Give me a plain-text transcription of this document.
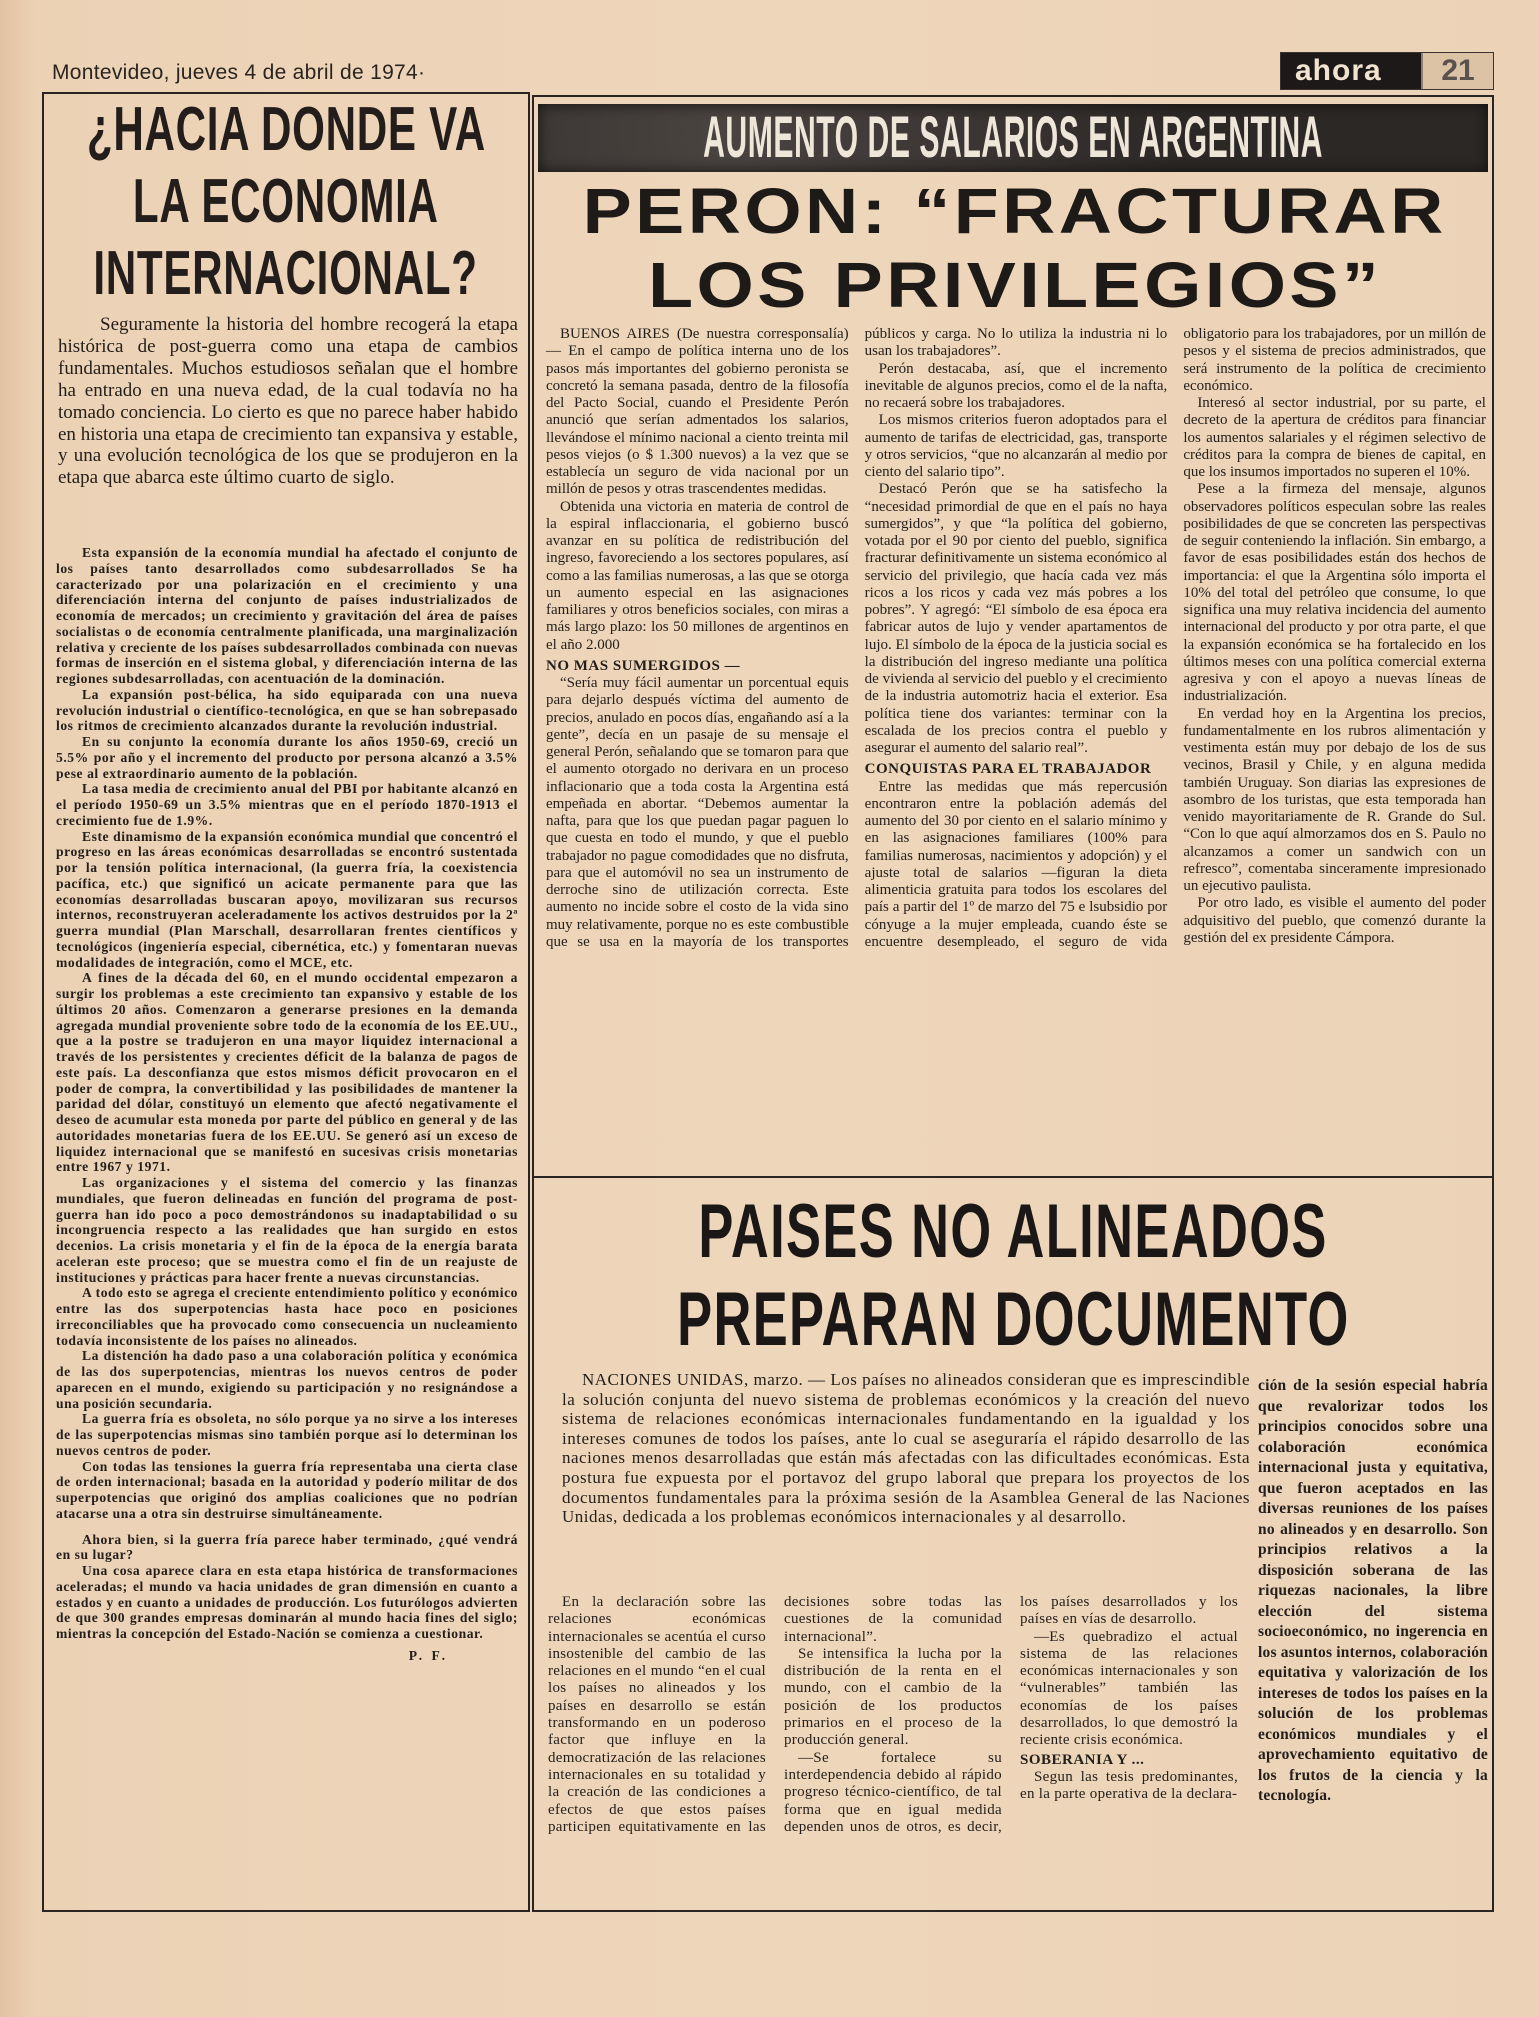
Montevideo, jueves 4 de abril de 1974·	ahora	21
¿HACIA DONDE VA
LA ECONOMIA
INTERNACIONAL?

Seguramente la historia del hombre recogerá la etapa histórica de post-guerra como una etapa de cambios fundamentales. Muchos estudiosos señalan que el hombre ha entrado en una nueva edad, de la cual todavía no ha tomado conciencia. Lo cierto es que no parece haber habido en historia una etapa de crecimiento tan expansiva y estable, y una evolución tecnológica de los que se produjeron en la etapa que abarca este último cuarto de siglo.

Esta expansión de la economía mundial ha afectado el conjunto de los países tanto desarrollados como subdesarrollados Se ha caracterizado por una polarización en el crecimiento y una diferenciación interna del conjunto de países industrializados de economía de mercados; un crecimiento y gravitación del área de países socialistas o de economía centralmente planificada, una marginalización relativa y creciente de los países subdesarrollados combinada con nuevas formas de inserción en el sistema global, y diferenciación interna de las regiones subdesarrolladas, con acentuación de la dominación.

La expansión post-bélica, ha sido equiparada con una nueva revolución industrial o científico-tecnológica, en que se han sobrepasado los ritmos de crecimiento alcanzados durante la revolución industrial.

En su conjunto la economía durante los años 1950-69, creció un 5.5% por año y el incremento del producto por persona alcanzó a 3.5% pese al extraordinario aumento de la población.

La tasa media de crecimiento anual del PBI por habitante alcanzó en el período 1950-69 un 3.5% mientras que en el período 1870-1913 el crecimiento fue de 1.9%.

Este dinamismo de la expansión económica mundial que concentró el progreso en las áreas económicas desarrolladas se encontró sustentada por la tensión política internacional, (la guerra fría, la coexistencia pacífica, etc.) que significó un acicate permanente para que las economías desarrolladas buscaran apoyo, movilizaran sus recursos internos, reconstruyeran aceleradamente los activos destruidos por la 2ª guerra mundial (Plan Marschall, desarrollaran frentes científicos y tecnológicos (ingeniería especial, cibernética, etc.) y fomentaran nuevas modalidades de integración, como el MCE, etc.

A fines de la década del 60, en el mundo occidental empezaron a surgir los problemas a este crecimiento tan expansivo y estable de los últimos 20 años. Comenzaron a generarse presiones en la demanda agregada mundial proveniente sobre todo de la economía de los EE.UU., que a la postre se tradujeron en una mayor liquidez internacional a través de los persistentes y crecientes déficit de la balanza de pagos de este país. La desconfianza que estos mismos déficit provocaron en el poder de compra, la convertibilidad y las posibilidades de mantener la paridad del dólar, constituyó un elemento que afectó negativamente el deseo de acumular esta moneda por parte del público en general y de las autoridades monetarias fuera de los EE.UU. Se generó así un exceso de liquidez internacional que se manifestó en sucesivas crisis monetarias entre 1967 y 1971.

Las organizaciones y el sistema del comercio y las finanzas mundiales, que fueron delineadas en función del programa de post-guerra han ido poco a poco demostrándonos su inadaptabilidad o su incongruencia respecto a las realidades que han surgido en estos decenios. La crisis monetaria y el fin de la época de la energía barata aceleran este proceso; que se muestra como el fin de un reajuste de instituciones y prácticas para hacer frente a nuevas circunstancias.

A todo esto se agrega el creciente entendimiento político y económico entre las dos superpotencias hasta hace poco en posiciones irreconciliables que ha provocado como consecuencia un nucleamiento todavía inconsistente de los países no alineados.

La distención ha dado paso a una colaboración política y económica de las dos superpotencias, mientras los nuevos centros de poder aparecen en el mundo, exigiendo su participación y no resignándose a una posición secundaria.

La guerra fría es obsoleta, no sólo porque ya no sirve a los intereses de las superpotencias mismas sino también porque así lo determinan los nuevos centros de poder.

Con todas las tensiones la guerra fría representaba una cierta clase de orden internacional; basada en la autoridad y poderío militar de dos superpotencias que originó dos amplias coaliciones que no podrían atacarse una a otra sin destruirse simultáneamente.

Ahora bien, si la guerra fría parece haber terminado, ¿qué vendrá en su lugar?

Una cosa aparece clara en esta etapa histórica de transformaciones aceleradas; el mundo va hacia unidades de gran dimensión en cuanto a estados y en cuanto a unidades de producción. Los futurólogos advierten de que 300 grandes empresas dominarán al mundo hacia fines del siglo; mientras la concepción del Estado-Nación se comienza a cuestionar.

P. F.

AUMENTO DE SALARIOS EN ARGENTINA
PERON: “FRACTURAR
LOS PRIVILEGIOS”

BUENOS AIRES (De nuestra corresponsalía) — En el campo de política interna uno de los pasos más importantes del gobierno peronista se concretó la semana pasada, dentro de la filosofía del Pacto Social, cuando el Presidente Perón anunció que serían admentados los salarios, llevándose el mínimo nacional a ciento treinta mil pesos viejos (o $ 1.300 nuevos) a la vez que se establecía un seguro de vida nacional por un millón de pesos y otras trascendentes medidas.

Obtenida una victoria en materia de control de la espiral inflaccionaria, el gobierno buscó avanzar en su política de redistribución del ingreso, favoreciendo a los sectores populares, así como a las familias numerosas, a las que se otorga un aumento especial en las asignaciones familiares y otros beneficios sociales, con miras a más largo plazo: los 50 millones de argentinos en el año 2.000

NO MAS SUMERGIDOS —

“Sería muy fácil aumentar un porcentual equis para dejarlo después víctima del aumento de precios, anulado en pocos días, engañando así a la gente”, decía en un pasaje de su mensaje el general Perón, señalando que se tomaron para que el aumento otorgado no derivara en un proceso inflacionario que a toda costa la Argentina está empeñada en abortar. “Debemos aumentar la nafta, para que los que puedan pagar paguen lo que cuesta en todo el mundo, y que el pueblo trabajador no pague comodidades que no disfruta, para que el automóvil no sea un instrumento de derroche sino de utilización correcta. Este aumento no incide sobre el costo de la vida sino muy relativamente, porque no es este combustible que se usa en la mayoría de los transportes públicos y carga. No lo utiliza la industria ni lo usan los trabajadores”.

Perón destacaba, así, que el incremento inevitable de algunos precios, como el de la nafta, no recaerá sobre los trabajadores.

Los mismos criterios fueron adoptados para el aumento de tarifas de electricidad, gas, transporte y otros servicios, “que no alcanzarán al medio por ciento del salario tipo”.

Destacó Perón que se ha satisfecho la “necesidad primordial de que en el país no haya sumergidos”, y que “la política del gobierno, votada por el 90 por ciento del pueblo, significa fracturar definitivamente un sistema económico al servicio del privilegio, que hacía cada vez más ricos a los ricos y cada vez más pobres a los pobres”. Y agregó: “El símbolo de esa época era fabricar autos de lujo y vender apartamentos de lujo. El símbolo de la época de la justicia social es la distribución del ingreso mediante una política de vivienda al servicio del pueblo y el crecimiento de la industria automotriz hacia el exterior. Esa política tiene dos variantes: terminar con la escalada de los precios contra el pueblo y asegurar el aumento del salario real”.

CONQUISTAS PARA EL TRABAJADOR

Entre las medidas que más repercusión encontraron entre la población además del aumento del 30 por ciento en el salario mínimo y en las asignaciones familiares (100% para familias numerosas, nacimientos y adopción) y el ajuste total de salarios —figuran la dieta alimenticia gratuita para todos los escolares del país a partir del 1º de marzo del 75 e lsubsidio por cónyuge a la mujer empleada, cuando éste se encuentre desempleado, el seguro de vida obligatorio para los trabajadores, por un millón de pesos y el sistema de precios administrados, que será instrumento de la política de crecimiento económico.

Interesó al sector industrial, por su parte, el decreto de la apertura de créditos para financiar los aumentos salariales y el régimen selectivo de créditos para la compra de bienes de capital, en que los insumos importados no superen el 10%.

Pese a la firmeza del mensaje, algunos observadores políticos especulan sobre las reales posibilidades de que se concreten las perspectivas de seguir conteniendo la inflación. Sin embargo, a favor de esas posibilidades están dos hechos de importancia: el que la Argentina sólo importa el 10% del total del petróleo que consume, lo que significa una muy relativa incidencia del aumento internacional del producto y por otra parte, el que la expansión económica se ha fortalecido en los últimos meses con una política comercial externa agresiva y con el apoyo a nuevas líneas de industrialización.

En verdad hoy en la Argentina los precios, fundamentalmente en los rubros alimentación y vestimenta están muy por debajo de los de sus vecinos, Brasil y Chile, y en alguna medida también Uruguay. Son diarias las expresiones de asombro de los turistas, que esta temporada han venido mayoritariamente de R. Grande do Sul. “Con lo que aquí almorzamos dos en S. Paulo no alcanzamos a comer un sandwich con un refresco”, comentaba sinceramente impresionado un ejecutivo paulista.

Por otro lado, es visible el aumento del poder adquisitivo del pueblo, que comenzó durante la gestión del ex presidente Cámpora.

PAISES NO ALINEADOS
PREPARAN DOCUMENTO

NACIONES UNIDAS, marzo. — Los países no alineados consideran que es imprescindible la solución conjunta del nuevo sistema de problemas económicos y la creación del nuevo sistema de relaciones económicas internacionales fundamentando en la igualdad y los intereses comunes de todos los países, ante lo cual se aseguraría el rápido desarrollo de las naciones menos desarrolladas que están más afectadas con las dificultades económicas. Esta postura fue expuesta por el portavoz del grupo laboral que prepara los proyectos de los documentos fundamentales para la próxima sesión de la Asamblea General de las Naciones Unidas, dedicada a los problemas económicos internacionales y al desarrollo.

En la declaración sobre las relaciones económicas internacionales se acentúa el curso insostenible del cambio de las relaciones en el mundo “en el cual los países no alineados y los países en desarrollo se están transformando en un poderoso factor que influye en la democratización de las relaciones internacionales en su totalidad y la creación de las condiciones a efectos de que estos países participen equitativamente en las decisiones sobre todas las cuestiones de la comunidad internacional”.

Se intensifica la lucha por la distribución de la renta en el mundo, con el cambio de la posición de los productos primarios en el proceso de la producción general.

—Se fortalece su interdependencia debido al rápido progreso técnico-científico, de tal forma que en igual medida dependen unos de otros, es decir, los países desarrollados y los países en vías de desarrollo.

—Es quebradizo el actual sistema de las relaciones económicas internacionales y son “vulnerables” también las economías de los países desarrollados, lo que demostró la reciente crisis económica.

SOBERANIA Y ...

Segun las tesis predominantes, en la parte operativa de la declara-

ción de la sesión especial habría que revalorizar todos los principios conocidos sobre una colaboración económica internacional justa y equitativa, que fueron aceptados en las diversas reuniones de los países no alineados y en desarrollo. Son principios relativos a la disposición soberana de las riquezas nacionales, la libre elección del sistema socioeconómico, no ingerencia en los asuntos internos, colaboración equitativa y valorización de los intereses de todos los países en la solución de los problemas económicos mundiales y el aprovechamiento equitativo de los frutos de la ciencia y la tecnología.
